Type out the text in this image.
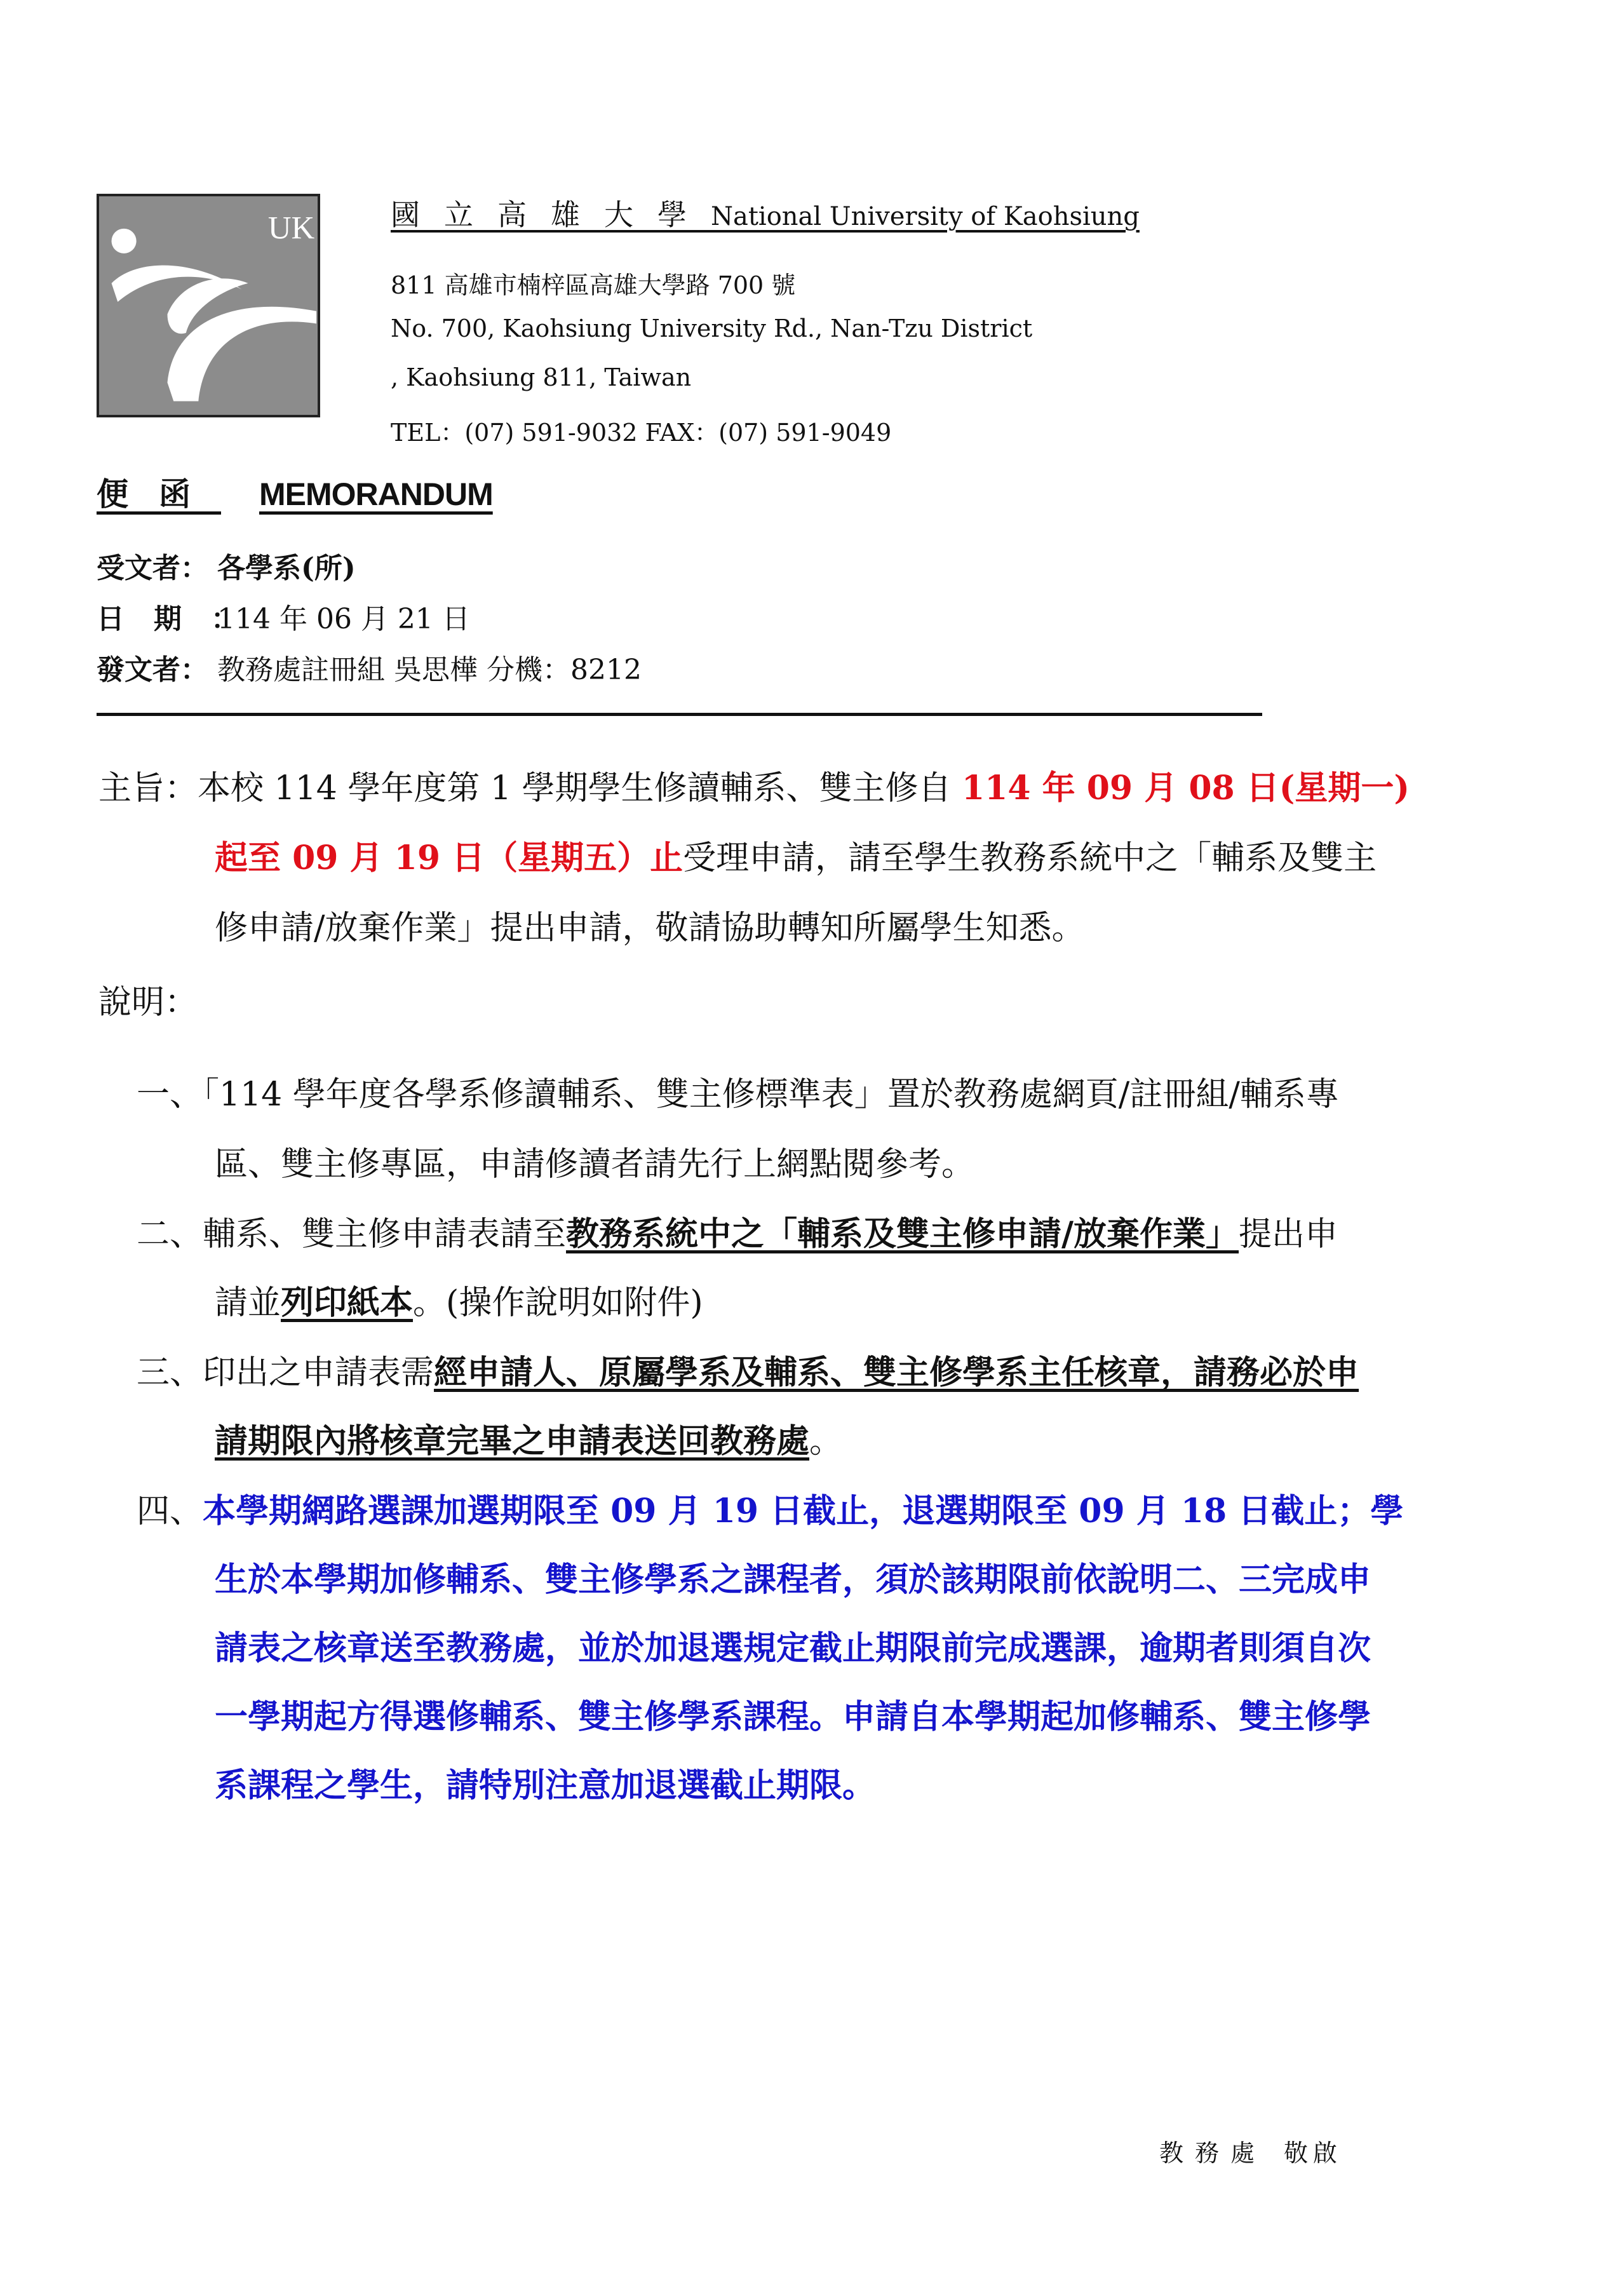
UK	國立高雄大學National University of Kaohsiung
811 高雄市楠梓區高雄大學路 700 號
No. 700, Kaohsiung University Rd., Nan-Tzu District
, Kaohsiung 811, Taiwan
TEL：(07) 591-9032 FAX：(07) 591-9049
便函 MEMORANDUM
受文者： 各學系(所)
日期：114 年 06 月 21 日
發文者： 教務處註冊組 吳思樺 分機：8212
主旨：本校 114 學年度第 1 學期學生修讀輔系、雙主修自 114 年 09 月 08 日(星期一)
起至 09 月 19 日（星期五）止受理申請，請至學生教務系統中之「輔系及雙主
修申請/放棄作業」提出申請，敬請協助轉知所屬學生知悉。
說明：
一、「114 學年度各學系修讀輔系、雙主修標準表」置於教務處網頁/註冊組/輔系專
區、雙主修專區，申請修讀者請先行上網點閱參考。
二、輔系、雙主修申請表請至教務系統中之「輔系及雙主修申請/放棄作業」提出申
請並列印紙本。(操作說明如附件)
三、印出之申請表需經申請人、原屬學系及輔系、雙主修學系主任核章，請務必於申
請期限內將核章完畢之申請表送回教務處。
四、本學期網路選課加選期限至 09 月 19 日截止，退選期限至 09 月 18 日截止；學
生於本學期加修輔系、雙主修學系之課程者，須於該期限前依說明二、三完成申
請表之核章送至教務處，並於加退選規定截止期限前完成選課，逾期者則須自次
一學期起方得選修輔系、雙主修學系課程。申請自本學期起加修輔系、雙主修學
系課程之學生，請特別注意加退選截止期限。
教務處 敬啟
